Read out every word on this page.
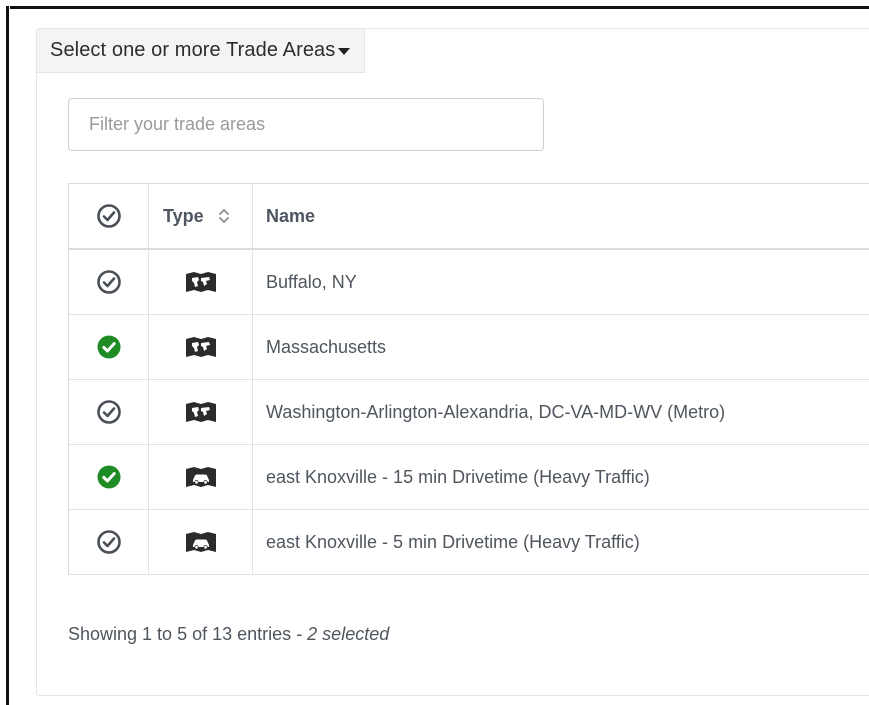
Select one or more Trade Areas
Filter your trade areas
Type	Name
Buffalo, NY
Massachusetts
Washington-Arlington-Alexandria, DC-VA-MD-WV (Metro)
east Knoxville - 15 min Drivetime (Heavy Traffic)
east Knoxville - 5 min Drivetime (Heavy Traffic)
Showing 1 to 5 of 13 entries - 2 selected
